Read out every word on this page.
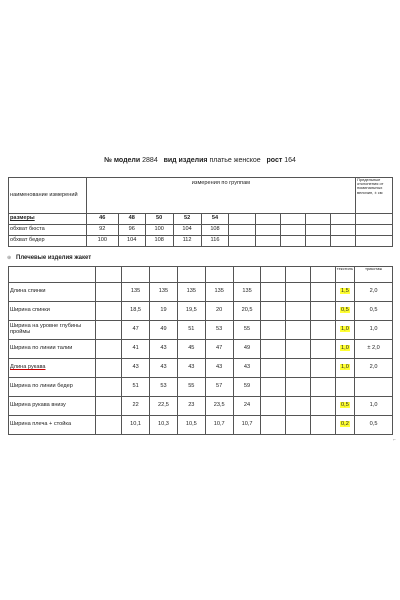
№ модели 2884 вид изделия платье женское рост 164
наименование измерений	измерения по группам										Предельные отклонения от номинальных величин, ± см
размеры	46	48	50	52	54						
обхват бюста	92	96	100	104	108						
обхват бедер	100	104	108	112	116						
⊕ Плечевые изделия жакет
										текстиль	трикотаж
Длина спинки		135	135	135	135	135				1,5	2,0
Ширина спинки		18,5	19	19,5	20	20,5				0,5	0,5
Ширина на уровне глубины проймы		47	49	51	53	55				1,0	1,0
Ширина по линии талии		41	43	45	47	49				1,0	± 2,0
Длина рукава		43	43	43	43	43				1,0	2,0
Ширина по линии бедер		51	53	55	57	59					
Ширина рукава внизу		22	22,5	23	23,5	24				0,5	1,0
Ширина плеча + стойка		10,1	10,3	10,5	10,7	10,7				0,2	0,5
⌐
